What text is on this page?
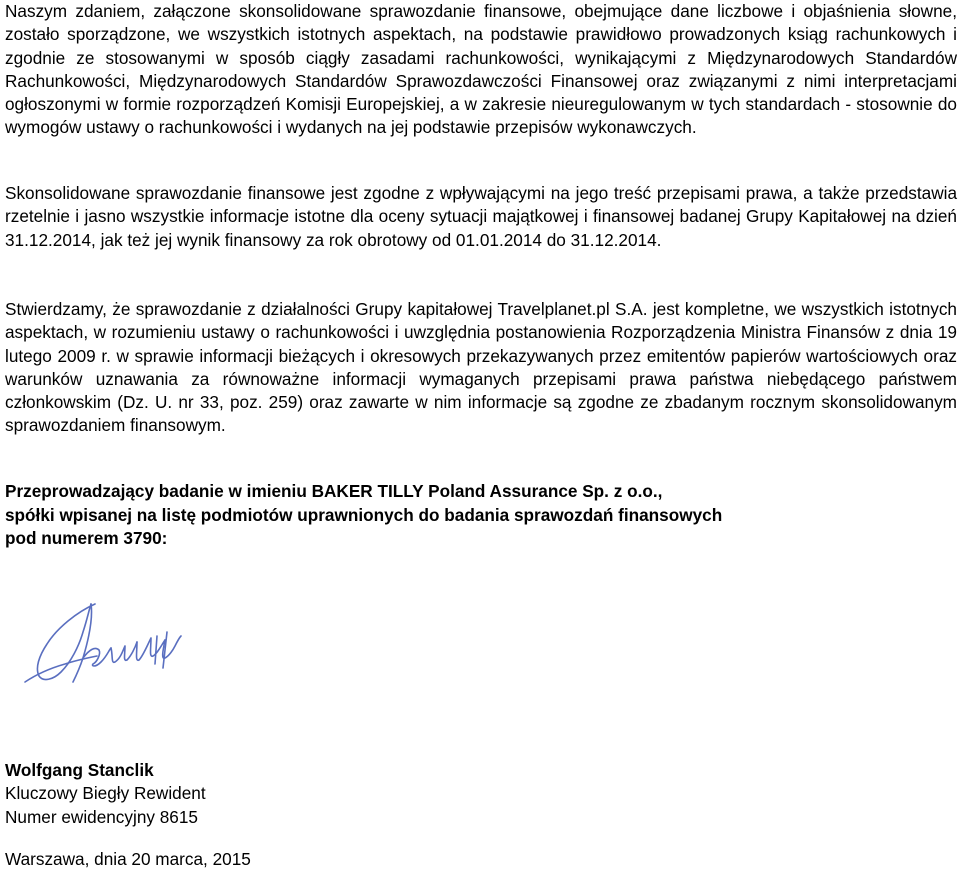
Naszym zdaniem, załączone skonsolidowane sprawozdanie finansowe, obejmujące dane liczbowe i objaśnienia słowne, zostało sporządzone, we wszystkich istotnych aspektach, na podstawie prawidłowo prowadzonych ksiąg rachunkowych i zgodnie ze stosowanymi w sposób ciągły zasadami rachunkowości, wynikającymi z Międzynarodowych Standardów Rachunkowości, Międzynarodowych Standardów Sprawozdawczości Finansowej oraz związanymi z nimi interpretacjami ogłoszonymi w formie rozporządzeń Komisji Europejskiej, a w zakresie nieuregulowanym w tych standardach - stosownie do wymogów ustawy o rachunkowości i wydanych na jej podstawie przepisów wykonawczych.

Skonsolidowane sprawozdanie finansowe jest zgodne z wpływającymi na jego treść przepisami prawa, a także przedstawia rzetelnie i jasno wszystkie informacje istotne dla oceny sytuacji majątkowej i finansowej badanej Grupy Kapitałowej na dzień 31.12.2014, jak też jej wynik finansowy za rok obrotowy od 01.01.2014 do 31.12.2014.

Stwierdzamy, że sprawozdanie z działalności Grupy kapitałowej Travelplanet.pl S.A. jest kompletne, we wszystkich istotnych aspektach, w rozumieniu ustawy o rachunkowości i uwzględnia postanowienia Rozporządzenia Ministra Finansów z dnia 19 lutego 2009 r. w sprawie informacji bieżących i okresowych przekazywanych przez emitentów papierów wartościowych oraz warunków uznawania za równoważne informacji wymaganych przepisami prawa państwa niebędącego państwem członkowskim (Dz. U. nr 33, poz. 259) oraz zawarte w nim informacje są zgodne ze zbadanym rocznym skonsolidowanym sprawozdaniem finansowym.

Przeprowadzający badanie w imieniu BAKER TILLY Poland Assurance Sp. z o.o.,
spółki wpisanej na listę podmiotów uprawnionych do badania sprawozdań finansowych
pod numerem 3790:
Wolfgang Stanclik
Kluczowy Biegły Rewident
Numer ewidencyjny 8615
Warszawa, dnia 20 marca, 2015
